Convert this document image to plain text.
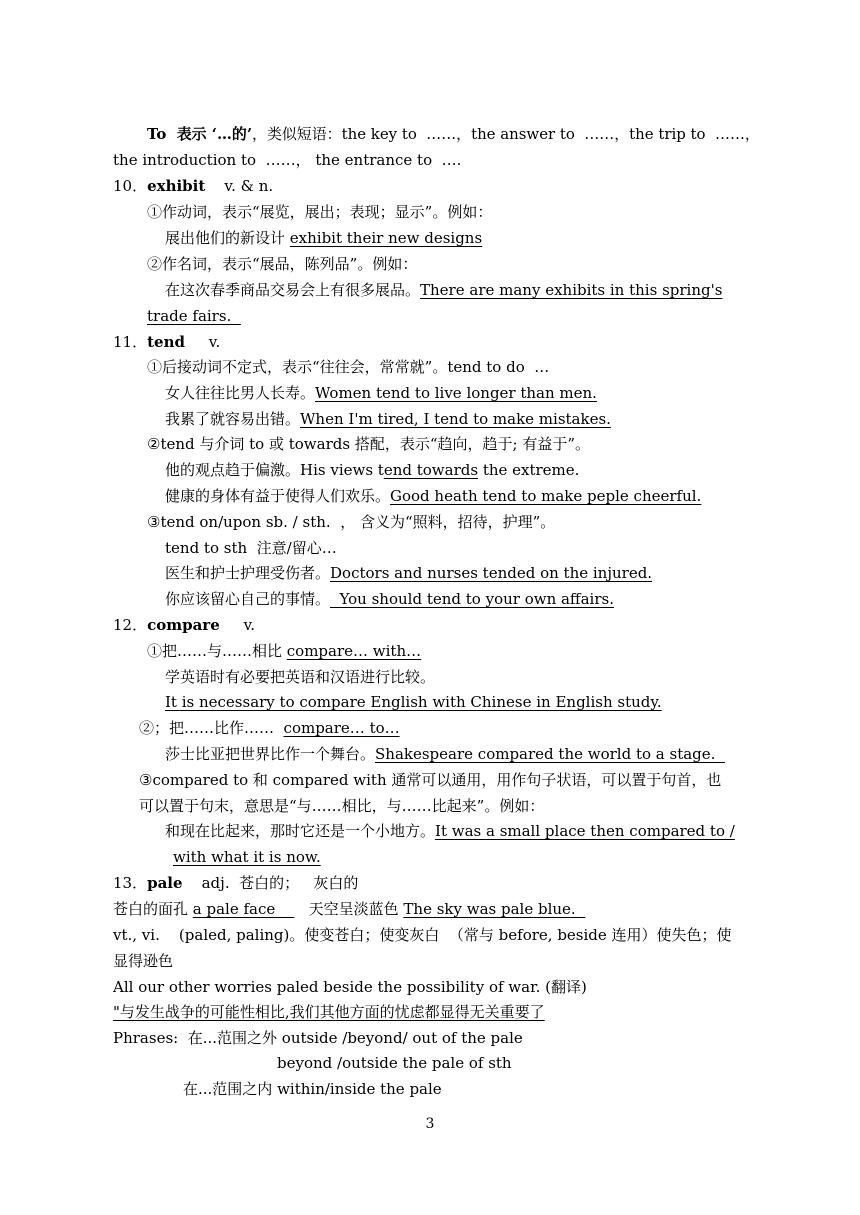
To  表示 ‘…的’，类似短语：the key to  ……，the answer to  ……，the trip to  ……，
the introduction to  ……， the entrance to  ….
10．exhibit    v. & n.
①作动词，表示“展览，展出；表现；显示”。例如：
展出他们的新设计 exhibit their new designs
②作名词，表示“展品，陈列品”。例如：
在这次春季商品交易会上有很多展品。There are many exhibits in this spring's
trade fairs.
11．tend     v.
①后接动词不定式，表示“往往会，常常就”。tend to do  …
女人往往比男人长寿。Women tend to live longer than men.
我累了就容易出错。When I'm tired, I tend to make mistakes.
②tend 与介词 to 或 towards 搭配，表示“趋向，趋于; 有益于”。
他的观点趋于偏激。His views tend towards the extreme.
健康的身体有益于使得人们欢乐。Good heath tend to make peple cheerful.
③tend on/upon sb. / sth.  ， 含义为“照料，招待，护理”。
tend to sth  注意/留心…
医生和护士护理受伤者。Doctors and nurses tended on the injured.
你应该留心自己的事情。  You should tend to your own affairs.
12．compare     v.
①把……与……相比 compare… with…
学英语时有必要把英语和汉语进行比较。
It is necessary to compare English with Chinese in English study.
②；把……比作……  compare… to…
莎士比亚把世界比作一个舞台。Shakespeare compared the world to a stage.
③compared to 和 compared with 通常可以通用，用作句子状语，可以置于句首，也
可以置于句末，意思是“与……相比，与……比起来”。例如：
和现在比起来，那时它还是一个小地方。It was a small place then compared to /
with what it is now.
13．pale    adj.  苍白的；   灰白的
苍白的面孔 a pale face       天空呈淡蓝色 The sky was pale blue.
vt., vi.    (paled, paling)。使变苍白；使变灰白  （常与 before, beside 连用）使失色；使
显得逊色
All our other worries paled beside the possibility of war. (翻译)
"与发生战争的可能性相比,我们其他方面的忧虑都显得无关重要了
Phrases:  在...范围之外 outside /beyond/ out of the pale
beyond /outside the pale of sth
在...范围之内 within/inside the pale
3
